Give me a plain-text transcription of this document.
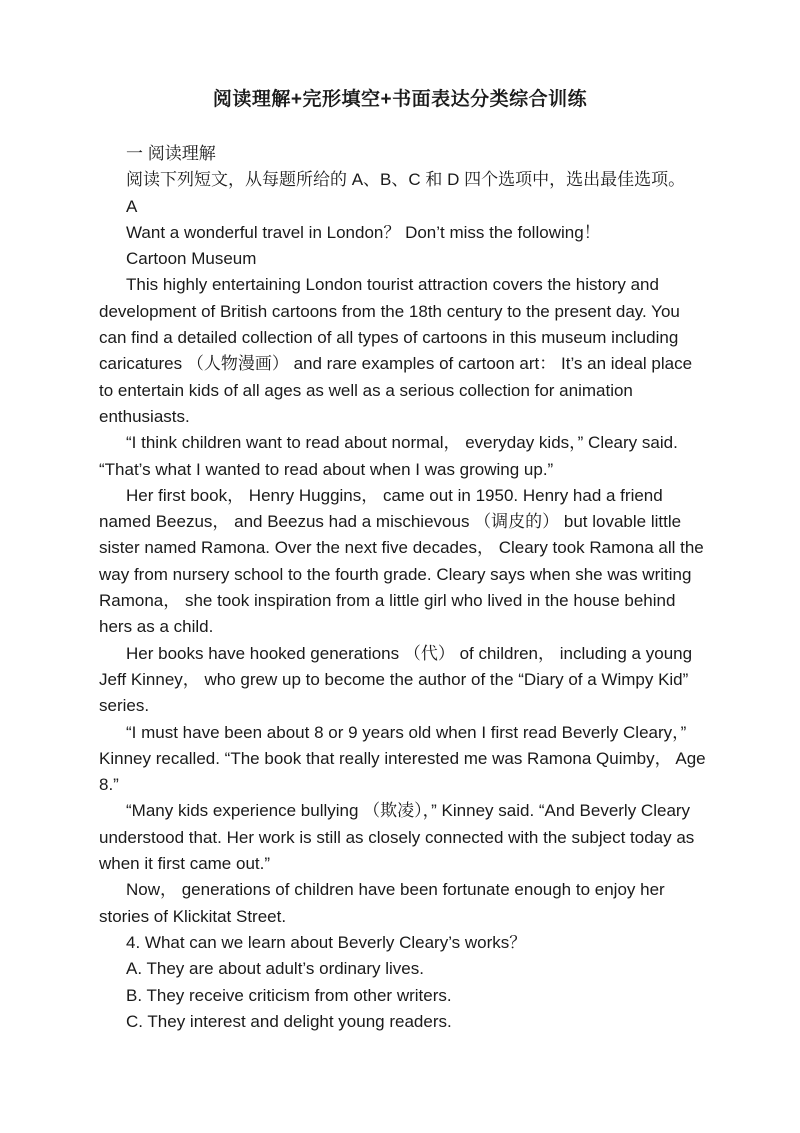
阅读理解+完形填空+书面表达分类综合训练

一 阅读理解

阅读下列短文，从每题所给的 A、B、C 和 D 四个选项中，选出最佳选项。

A

Want a wonderful travel in London？ Don’t miss the following！

Cartoon Museum

This highly entertaining London tourist attraction covers the history and development of British cartoons from the 18th century to the present day. You can find a detailed collection of all types of cartoons in this museum including caricatures （人物漫画） and rare examples of cartoon art： It’s an ideal place to entertain kids of all ages as well as a serious collection for animation enthusiasts.

“I think children want to read about normal， everyday kids，” Cleary said. “That’s what I wanted to read about when I was growing up.”

Her first book， Henry Huggins， came out in 1950. Henry had a friend named Beezus， and Beezus had a mischievous （调皮的） but lovable little sister named Ramona. Over the next five decades， Cleary took Ramona all the way from nursery school to the fourth grade. Cleary says when she was writing Ramona， she took inspiration from a little girl who lived in the house behind hers as a child.

Her books have hooked generations （代） of children， including a young Jeff Kinney， who grew up to become the author of the “Diary of a Wimpy Kid” series.

“I must have been about 8 or 9 years old when I first read Beverly Cleary，” Kinney recalled. “The book that really interested me was Ramona Quimby， Age 8.”

“Many kids experience bullying （欺凌），” Kinney said. “And Beverly Cleary understood that. Her work is still as closely connected with the subject today as when it first came out.”

Now， generations of children have been fortunate enough to enjoy her stories of Klickitat Street.

4. What can we learn about Beverly Cleary’s works？

A. They are about adult’s ordinary lives.

B. They receive criticism from other writers.

C. They interest and delight young readers.
